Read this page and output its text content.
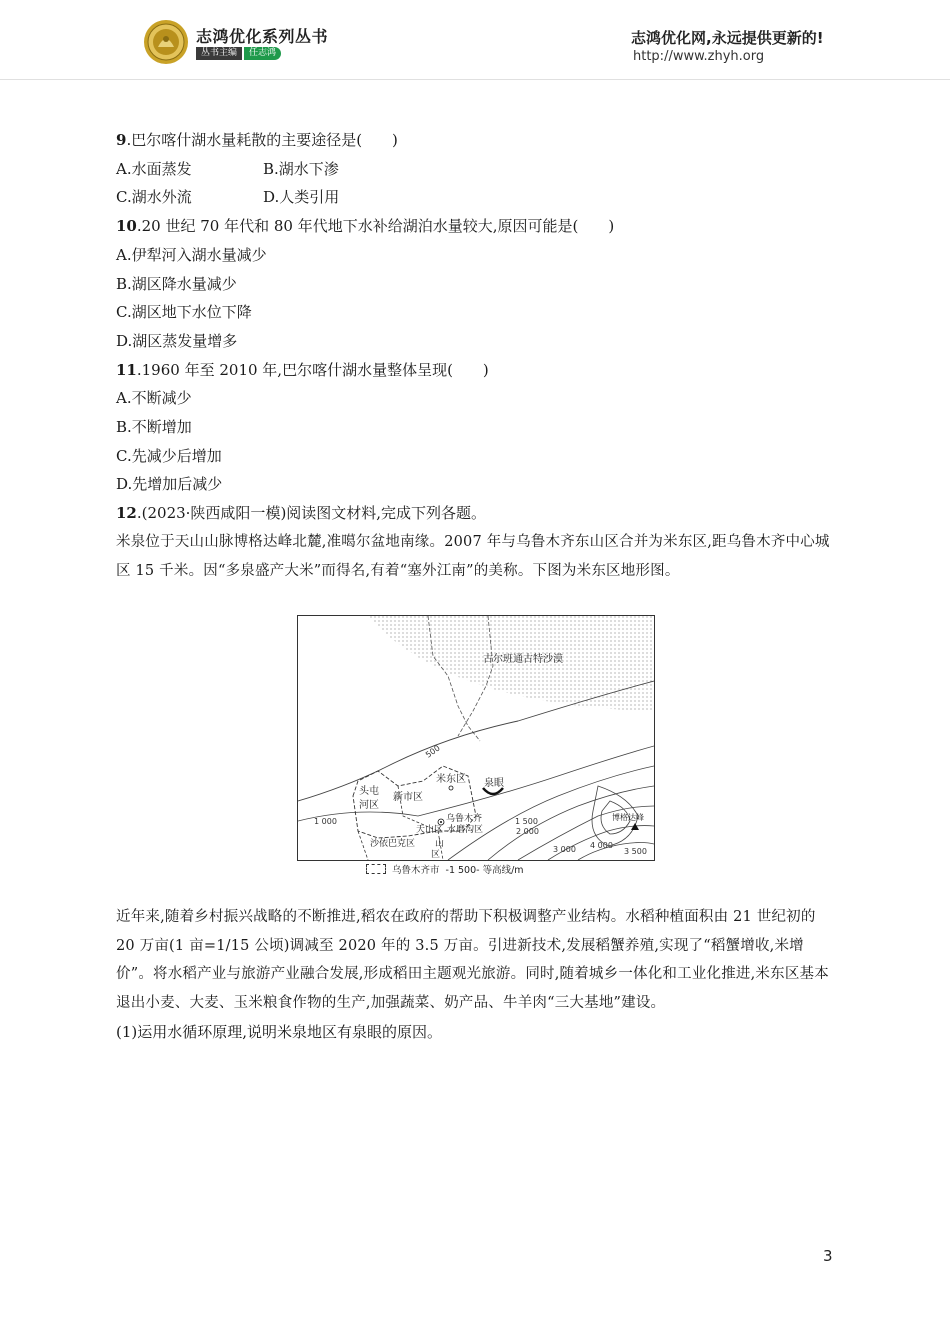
志鸿优化系列丛书
丛书主编	任志鸿
志鸿优化网,永远提供更新的!
http://www.zhyh.org
9.巴尔喀什湖水量耗散的主要途径是(　　)
A.水面蒸发	B.湖水下渗
C.湖水外流	D.人类引用
10.20 世纪 70 年代和 80 年代地下水补给湖泊水量较大,原因可能是(　　)
A.伊犁河入湖水量减少
B.湖区降水量减少
C.湖区地下水位下降
D.湖区蒸发量增多
11.1960 年至 2010 年,巴尔喀什湖水量整体呈现(　　)
A.不断减少
B.不断增加
C.先减少后增加
D.先增加后减少
12.(2023·陕西咸阳一模)阅读图文材料,完成下列各题。
米泉位于天山山脉博格达峰北麓,准噶尔盆地南缘。2007 年与乌鲁木齐东山区合并为米东区,距乌鲁木齐中心城区 15 千米。因“多泉盛产大米”而得名,有着“塞外江南”的美称。下图为米东区地形图。
古尔班通古特沙漠
泉眼
博格达峰
头屯
河区
新市区
米东区
乌鲁木齐
天山区 水磨沟区
沙依巴克区 山
区
500
1 000	1 500
2 000
3 000 4 000
3 500
乌鲁木齐市 -1 500- 等高线/m
近年来,随着乡村振兴战略的不断推进,稻农在政府的帮助下积极调整产业结构。水稻种植面积由 21 世纪初的 20 万亩(1 亩=1/15 公顷)调减至 2020 年的 3.5 万亩。引进新技术,发展稻蟹养殖,实现了“稻蟹增收,米增价”。将水稻产业与旅游产业融合发展,形成稻田主题观光旅游。同时,随着城乡一体化和工业化推进,米东区基本退出小麦、大麦、玉米粮食作物的生产,加强蔬菜、奶产品、牛羊肉“三大基地”建设。
(1)运用水循环原理,说明米泉地区有泉眼的原因。
3
